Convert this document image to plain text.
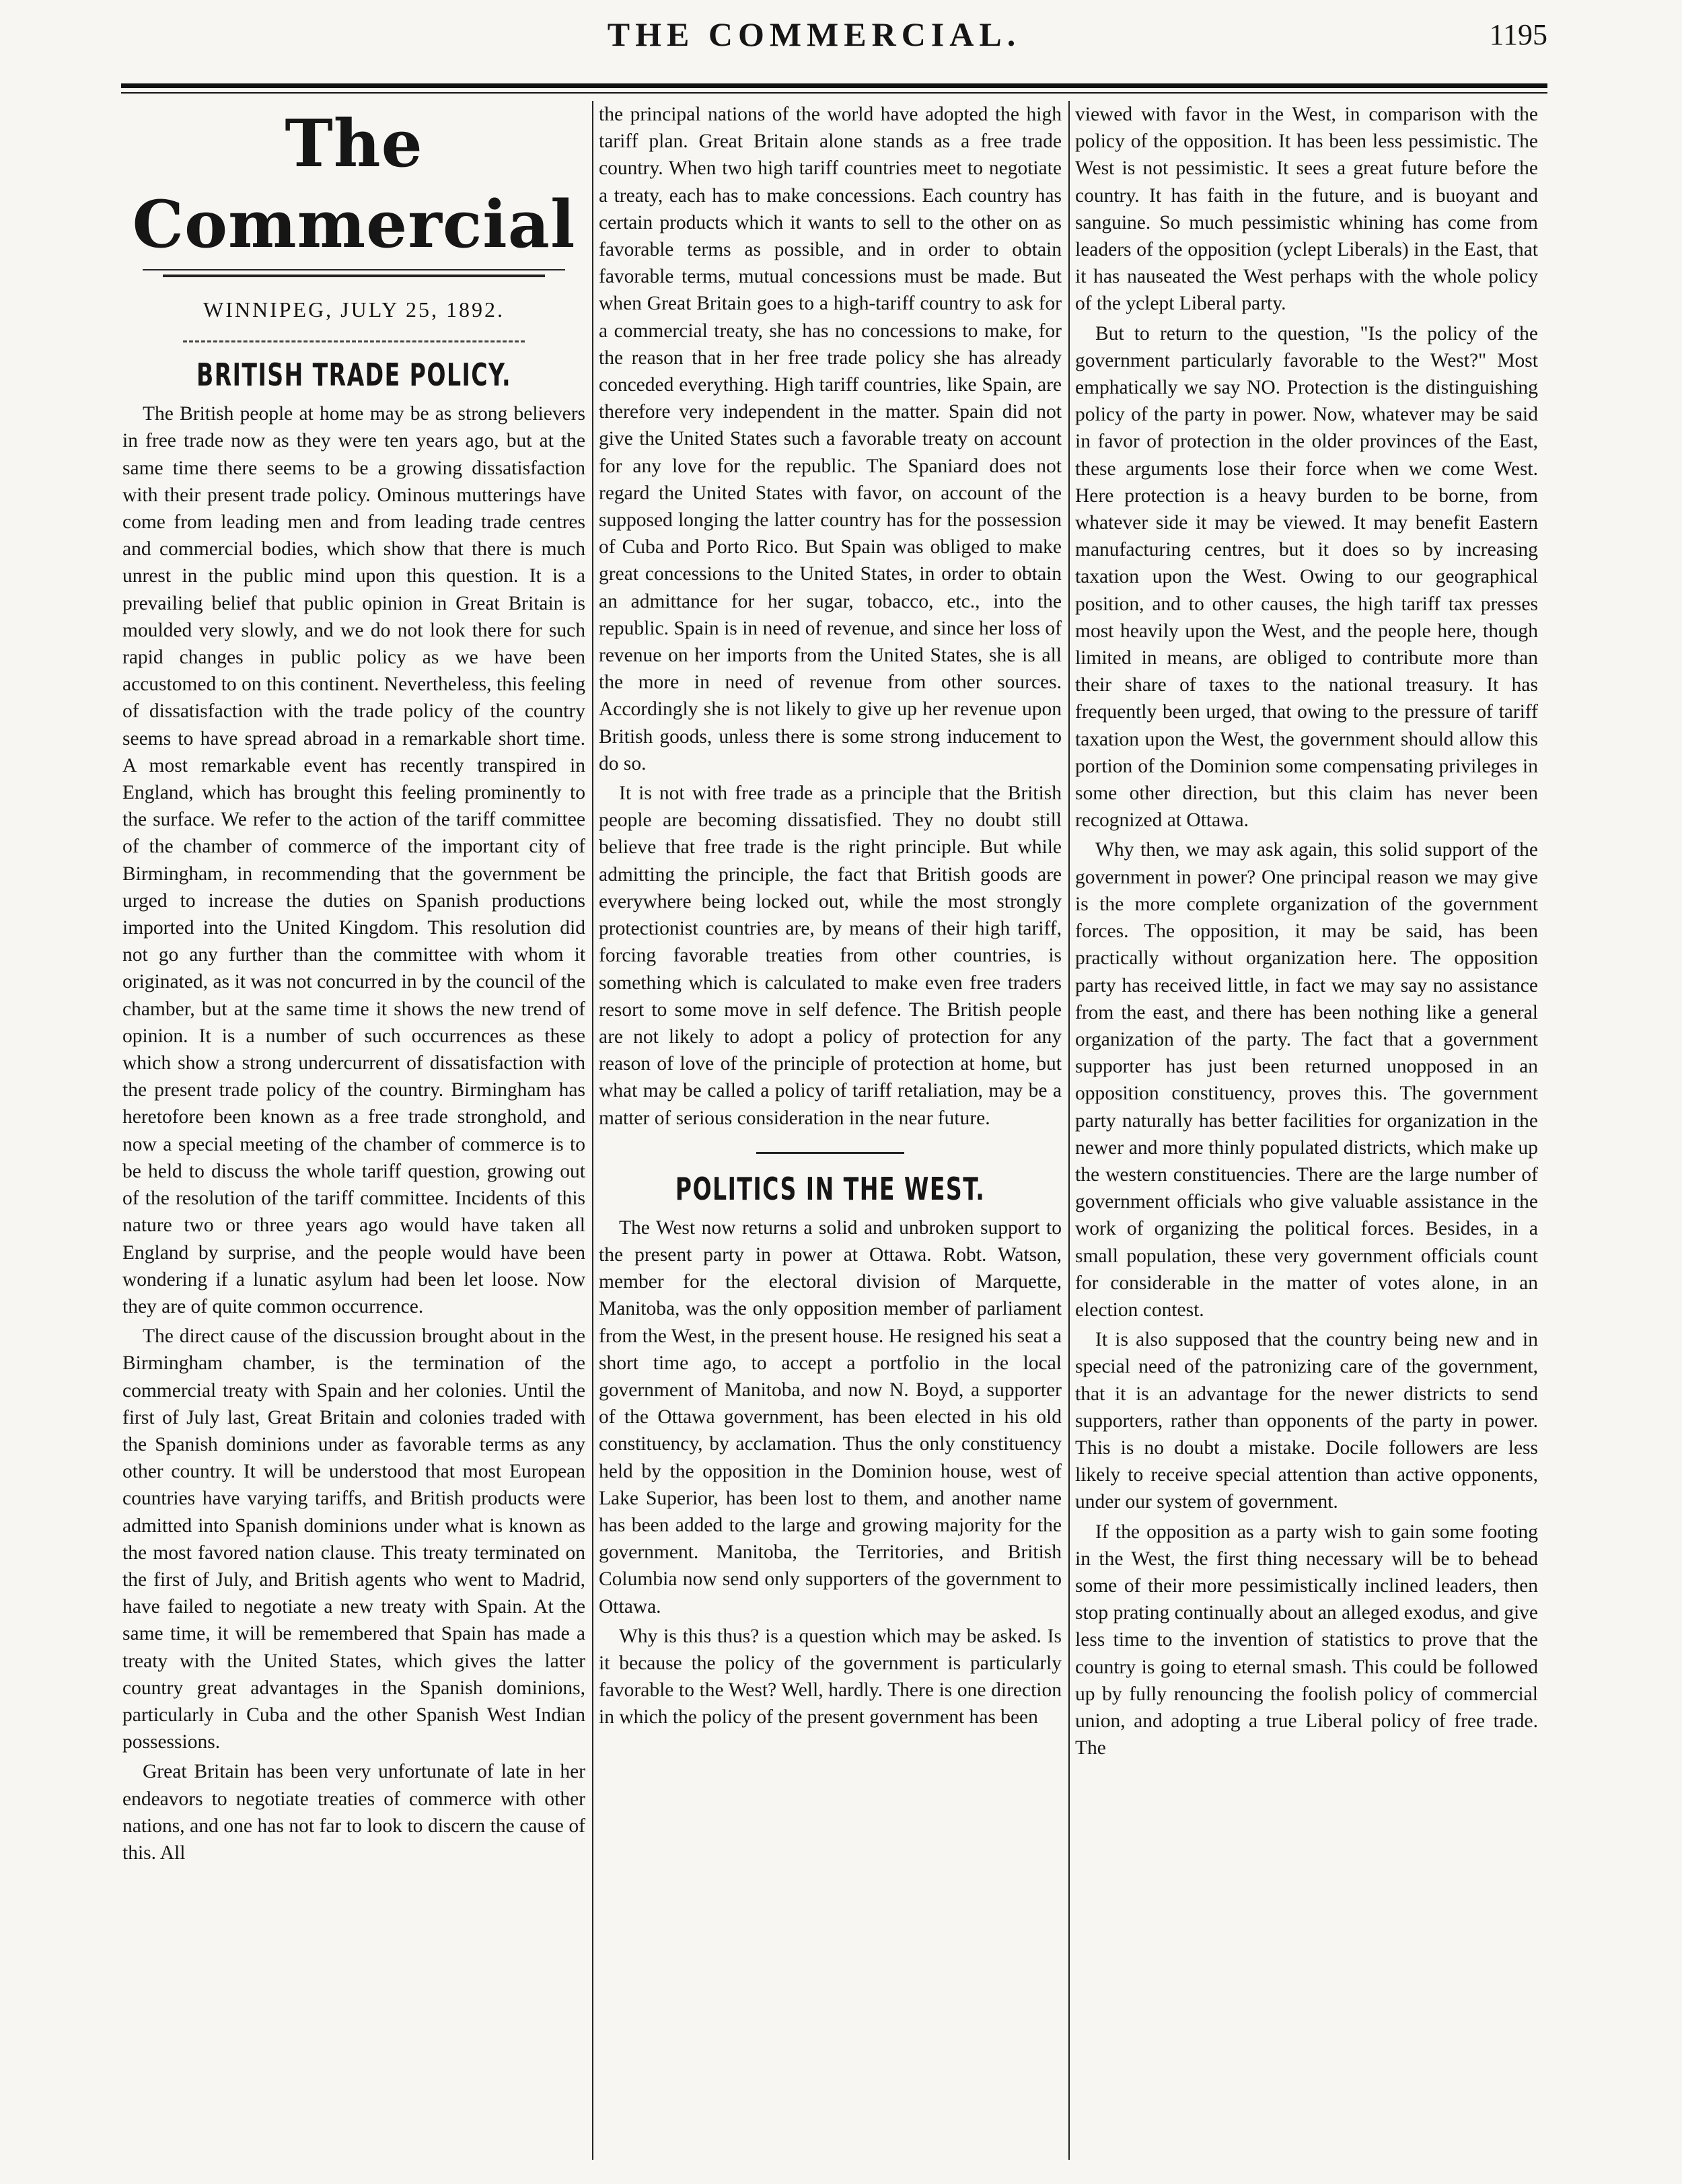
THE COMMERCIAL.	1195
The Commercial
WINNIPEG, JULY 25, 1892.
BRITISH TRADE POLICY.

The British people at home may be as strong believers in free trade now as they were ten years ago, but at the same time there seems to be a growing dissatisfaction with their present trade policy. Ominous mutterings have come from leading men and from leading trade centres and commercial bodies, which show that there is much unrest in the public mind upon this question. It is a prevailing belief that public opinion in Great Britain is moulded very slowly, and we do not look there for such rapid changes in public policy as we have been accustomed to on this continent. Nevertheless, this feeling of dissatisfaction with the trade policy of the country seems to have spread abroad in a remarkable short time. A most remarkable event has recently transpired in England, which has brought this feeling prominently to the surface. We refer to the action of the tariff committee of the chamber of commerce of the important city of Birmingham, in recommending that the government be urged to increase the duties on Spanish productions imported into the United Kingdom. This resolution did not go any further than the committee with whom it originated, as it was not concurred in by the council of the chamber, but at the same time it shows the new trend of opinion. It is a number of such occurrences as these which show a strong undercurrent of dissatisfaction with the present trade policy of the country. Birmingham has heretofore been known as a free trade stronghold, and now a special meeting of the chamber of commerce is to be held to discuss the whole tariff question, growing out of the resolution of the tariff committee. Incidents of this nature two or three years ago would have taken all England by surprise, and the people would have been wondering if a lunatic asylum had been let loose. Now they are of quite common occurrence.

The direct cause of the discussion brought about in the Birmingham chamber, is the termination of the commercial treaty with Spain and her colonies. Until the first of July last, Great Britain and colonies traded with the Spanish dominions under as favorable terms as any other country. It will be understood that most European countries have varying tariffs, and British products were admitted into Spanish dominions under what is known as the most favored nation clause. This treaty terminated on the first of July, and British agents who went to Madrid, have failed to negotiate a new treaty with Spain. At the same time, it will be remembered that Spain has made a treaty with the United States, which gives the latter country great advantages in the Spanish dominions, particularly in Cuba and the other Spanish West Indian possessions.

Great Britain has been very unfortunate of late in her endeavors to negotiate treaties of commerce with other nations, and one has not far to look to discern the cause of this. All

the principal nations of the world have adopted the high tariff plan. Great Britain alone stands as a free trade country. When two high tariff countries meet to negotiate a treaty, each has to make concessions. Each country has certain products which it wants to sell to the other on as favorable terms as possible, and in order to obtain favorable terms, mutual concessions must be made. But when Great Britain goes to a high-tariff country to ask for a commercial treaty, she has no concessions to make, for the reason that in her free trade policy she has already conceded everything. High tariff countries, like Spain, are therefore very independent in the matter. Spain did not give the United States such a favorable treaty on account for any love for the republic. The Spaniard does not regard the United States with favor, on account of the supposed longing the latter country has for the possession of Cuba and Porto Rico. But Spain was obliged to make great concessions to the United States, in order to obtain an admittance for her sugar, tobacco, etc., into the republic. Spain is in need of revenue, and since her loss of revenue on her imports from the United States, she is all the more in need of revenue from other sources. Accordingly she is not likely to give up her revenue upon British goods, unless there is some strong inducement to do so.

It is not with free trade as a principle that the British people are becoming dissatisfied. They no doubt still believe that free trade is the right principle. But while admitting the principle, the fact that British goods are everywhere being locked out, while the most strongly protectionist countries are, by means of their high tariff, forcing favorable treaties from other countries, is something which is calculated to make even free traders resort to some move in self defence. The British people are not likely to adopt a policy of protection for any reason of love of the principle of protection at home, but what may be called a policy of tariff retaliation, may be a matter of serious consideration in the near future.

POLITICS IN THE WEST.

The West now returns a solid and unbroken support to the present party in power at Ottawa. Robt. Watson, member for the electoral division of Marquette, Manitoba, was the only opposition member of parliament from the West, in the present house. He resigned his seat a short time ago, to accept a portfolio in the local government of Manitoba, and now N. Boyd, a supporter of the Ottawa government, has been elected in his old constituency, by acclamation. Thus the only constituency held by the opposition in the Dominion house, west of Lake Superior, has been lost to them, and another name has been added to the large and growing majority for the government. Manitoba, the Territories, and British Columbia now send only supporters of the government to Ottawa.

Why is this thus? is a question which may be asked. Is it because the policy of the government is particularly favorable to the West? Well, hardly. There is one direction in which the policy of the present government has been

viewed with favor in the West, in comparison with the policy of the opposition. It has been less pessimistic. The West is not pessimistic. It sees a great future before the country. It has faith in the future, and is buoyant and sanguine. So much pessimistic whining has come from leaders of the opposition (yclept Liberals) in the East, that it has nauseated the West perhaps with the whole policy of the yclept Liberal party.

But to return to the question, "Is the policy of the government particularly favorable to the West?" Most emphatically we say NO. Protection is the distinguishing policy of the party in power. Now, whatever may be said in favor of protection in the older provinces of the East, these arguments lose their force when we come West. Here protection is a heavy burden to be borne, from whatever side it may be viewed. It may benefit Eastern manufacturing centres, but it does so by increasing taxation upon the West. Owing to our geographical position, and to other causes, the high tariff tax presses most heavily upon the West, and the people here, though limited in means, are obliged to contribute more than their share of taxes to the national treasury. It has frequently been urged, that owing to the pressure of tariff taxation upon the West, the government should allow this portion of the Dominion some compensating privileges in some other direction, but this claim has never been recognized at Ottawa.

Why then, we may ask again, this solid support of the government in power? One principal reason we may give is the more complete organization of the government forces. The opposition, it may be said, has been practically without organization here. The opposition party has received little, in fact we may say no assistance from the east, and there has been nothing like a general organization of the party. The fact that a government supporter has just been returned unopposed in an opposition constituency, proves this. The government party naturally has better facilities for organization in the newer and more thinly populated districts, which make up the western constituencies. There are the large number of government officials who give valuable assistance in the work of organizing the political forces. Besides, in a small population, these very government officials count for considerable in the matter of votes alone, in an election contest.

It is also supposed that the country being new and in special need of the patronizing care of the government, that it is an advantage for the newer districts to send supporters, rather than opponents of the party in power. This is no doubt a mistake. Docile followers are less likely to receive special attention than active opponents, under our system of government.

If the opposition as a party wish to gain some footing in the West, the first thing necessary will be to behead some of their more pessimistically inclined leaders, then stop prating continually about an alleged exodus, and give less time to the invention of statistics to prove that the country is going to eternal smash. This could be followed up by fully renouncing the foolish policy of commercial union, and adopting a true Liberal policy of free trade. The
